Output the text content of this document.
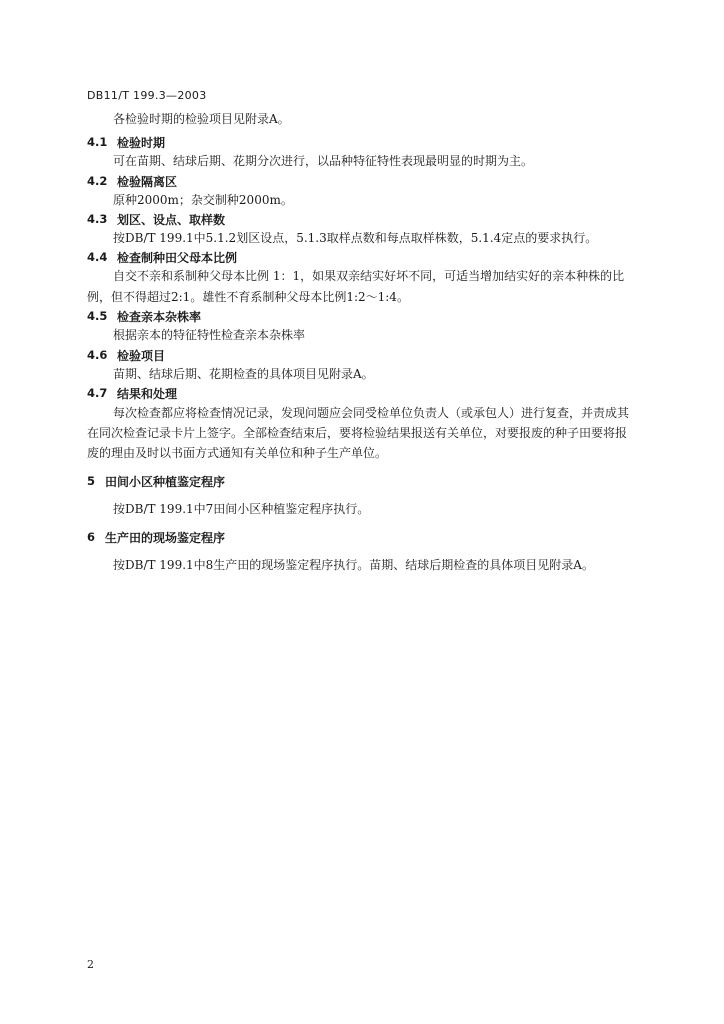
DB11/T 199.3—2003
各检验时期的检验项目见附录A。
4.1 检验时期
可在苗期、结球后期、花期分次进行，以品种特征特性表现最明显的时期为主。
4.2 检验隔离区
原种2000m；杂交制种2000m。
4.3 划区、设点、取样数
按DB/T 199.1中5.1.2划区设点，5.1.3取样点数和每点取样株数，5.1.4定点的要求执行。
4.4 检查制种田父母本比例
自交不亲和系制种父母本比例 1：1，如果双亲结实好坏不同，可适当增加结实好的亲本种株的比
例，但不得超过2:1。雄性不育系制种父母本比例1:2～1:4。
4.5 检查亲本杂株率
根据亲本的特征特性检查亲本杂株率
4.6 检验项目
苗期、结球后期、花期检查的具体项目见附录A。
4.7 结果和处理
每次检查都应将检查情况记录，发现问题应会同受检单位负责人（或承包人）进行复查，并责成其
在同次检查记录卡片上签字。全部检查结束后，要将检验结果报送有关单位，对要报废的种子田要将报
废的理由及时以书面方式通知有关单位和种子生产单位。
5 田间小区种植鉴定程序
按DB/T 199.1中7田间小区种植鉴定程序执行。
6 生产田的现场鉴定程序
按DB/T 199.1中8生产田的现场鉴定程序执行。苗期、结球后期检查的具体项目见附录A。
2
